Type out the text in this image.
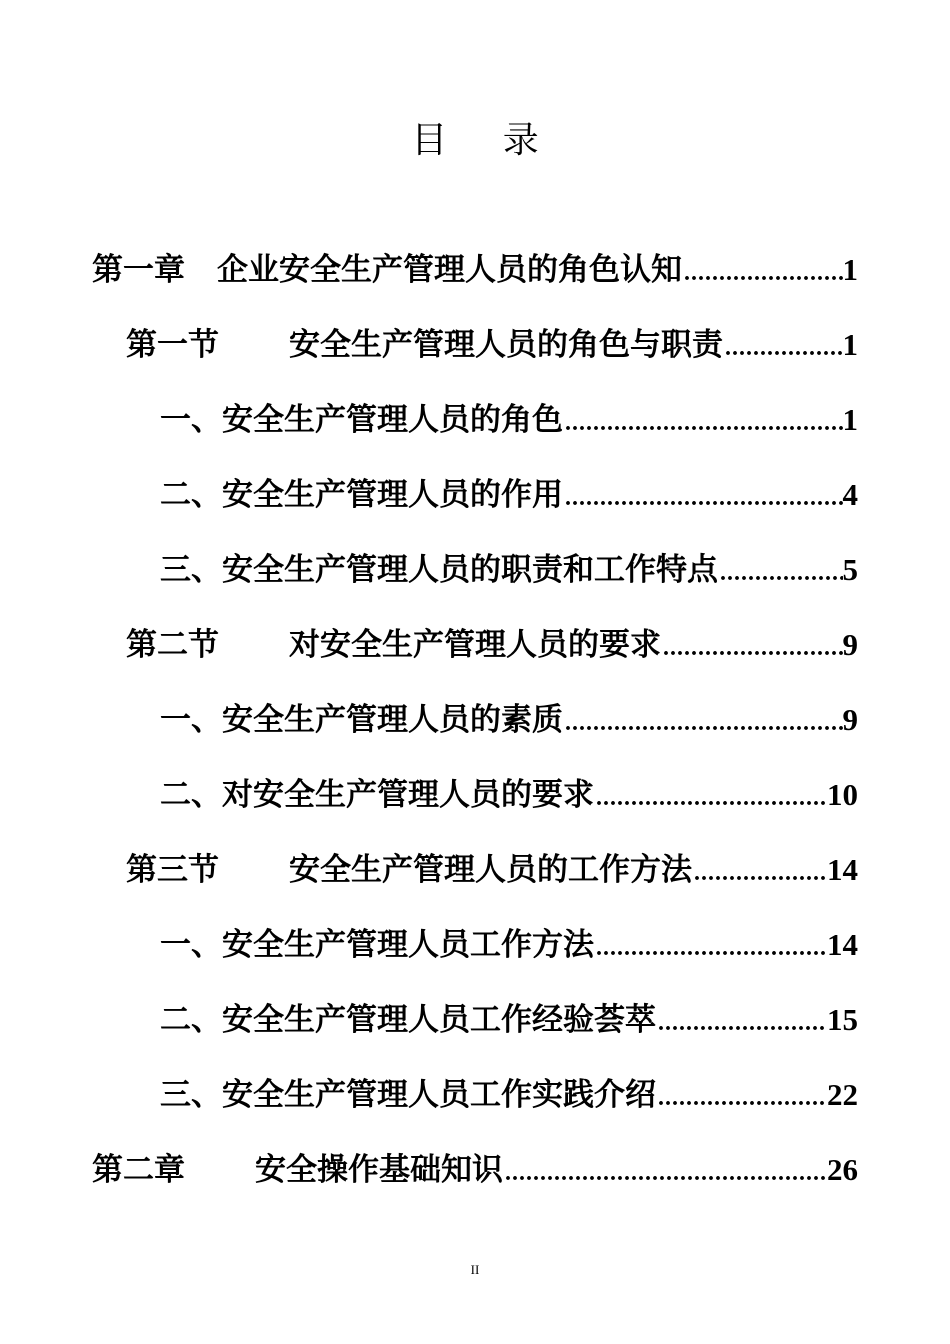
目 录
第一章 企业安全生产管理人员的角色认知 .....	1
第一节 安全生产管理人员的角色与职责 .....	1
一、安全生产管理人员的角色 .....	1
二、安全生产管理人员的作用 .....	4
三、安全生产管理人员的职责和工作特点 .....	5
第二节 对安全生产管理人员的要求 .....	9
一、安全生产管理人员的素质 .....	9
二、对安全生产管理人员的要求 .....	10
第三节 安全生产管理人员的工作方法 .....	14
一、安全生产管理人员工作方法 .....	14
二、安全生产管理人员工作经验荟萃 .....	15
三、安全生产管理人员工作实践介绍 .....	22
第二章 安全操作基础知识 .....	26
II
